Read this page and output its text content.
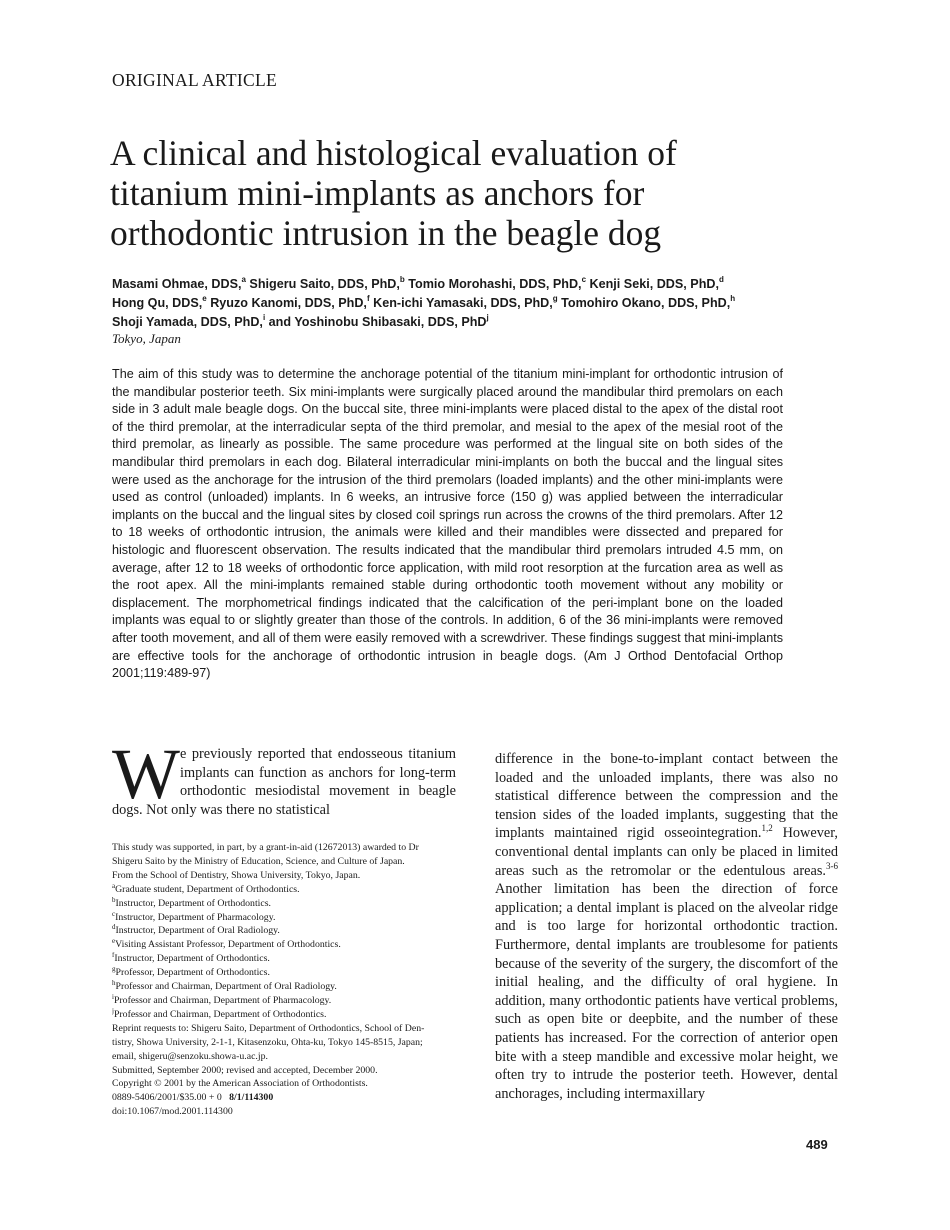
ORIGINAL ARTICLE
A clinical and histological evaluation of
titanium mini-implants as anchors for
orthodontic intrusion in the beagle dog
Masami Ohmae, DDS,$^a$ Shigeru Saito, DDS, PhD,$^b$ Tomio Morohashi, DDS, PhD,$^c$ Kenji Seki, DDS, PhD,$^d$
Hong Qu, DDS,$^e$ Ryuzo Kanomi, DDS, PhD,$^f$ Ken-ichi Yamasaki, DDS, PhD,$^g$ Tomohiro Okano, DDS, PhD,$^h$
Shoji Yamada, DDS, PhD,$^i$ and Yoshinobu Shibasaki, DDS, PhD$^j$
Tokyo, Japan

The aim of this study was to determine the anchorage potential of the titanium mini-implant for orthodontic intrusion of the mandibular posterior teeth. Six mini-implants were surgically placed around the mandibular third premolars on each side in 3 adult male beagle dogs. On the buccal site, three mini-implants were placed distal to the apex of the distal root of the third premolar, at the interradicular septa of the third premolar, and mesial to the apex of the mesial root of the third premolar, as linearly as possible. The same procedure was performed at the lingual site on both sides of the mandibular third premolars in each dog. Bilateral interradicular mini-implants on both the buccal and the lingual sites were used as the anchorage for the intrusion of the third premolars (loaded implants) and the other mini-implants were used as control (unloaded) implants. In 6 weeks, an intrusive force (150 g) was applied between the interradicular implants on the buccal and the lingual sites by closed coil springs run across the crowns of the third premolars. After 12 to 18 weeks of orthodontic intrusion, the animals were killed and their mandibles were dissected and prepared for histologic and fluorescent observation. The results indicated that the mandibular third premolars intruded 4.5 mm, on average, after 12 to 18 weeks of orthodontic force application, with mild root resorption at the furcation area as well as the root apex. All the mini-implants remained stable during orthodontic tooth movement without any mobility or displacement. The morphometrical findings indicated that the calcification of the peri-implant bone on the loaded implants was equal to or slightly greater than those of the controls. In addition, 6 of the 36 mini-implants were removed after tooth movement, and all of them were easily removed with a screwdriver. These findings suggest that mini-implants are effective tools for the anchorage of orthodontic intrusion in beagle dogs. (Am J Orthod Dentofacial Orthop 2001;119:489-97)

W e previously reported that endosseous titanium implants can function as anchors for long-term orthodontic mesiodistal movement in beagle dogs. Not only was there no statistical

This study was supported, in part, by a grant-in-aid (12672013) awarded to Dr
Shigeru Saito by the Ministry of Education, Science, and Culture of Japan.
From the School of Dentistry, Showa University, Tokyo, Japan.
$^a$Graduate student, Department of Orthodontics.
$^b$Instructor, Department of Orthodontics.
$^c$Instructor, Department of Pharmacology.
$^d$Instructor, Department of Oral Radiology.
$^e$Visiting Assistant Professor, Department of Orthodontics.
$^f$Instructor, Department of Orthodontics.
$^g$Professor, Department of Orthodontics.
$^h$Professor and Chairman, Department of Oral Radiology.
$^i$Professor and Chairman, Department of Pharmacology.
$^j$Professor and Chairman, Department of Orthodontics.
Reprint requests to: Shigeru Saito, Department of Orthodontics, School of Den-
tistry, Showa University, 2-1-1, Kitasenzoku, Ohta-ku, Tokyo 145-8515, Japan;
email, shigeru@senzoku.showa-u.ac.jp.
Submitted, September 2000; revised and accepted, December 2000.
Copyright © 2001 by the American Association of Orthodontists.
0889-5406/2001/$35.00 + 0 8/1/114300
doi:10.1067/mod.2001.114300

difference in the bone-to-implant contact between the loaded and the unloaded implants, there was also no statistical difference between the compression and the tension sides of the loaded implants, suggesting that the implants maintained rigid osseointegration.$^{1,2}$ However, conventional dental implants can only be placed in limited areas such as the retromolar or the edentulous areas.$^{3-6}$ Another limitation has been the direction of force application; a dental implant is placed on the alveolar ridge and is too large for horizontal orthodontic traction. Furthermore, dental implants are troublesome for patients because of the severity of the surgery, the discomfort of the initial healing, and the difficulty of oral hygiene. In addition, many orthodontic patients have vertical problems, such as open bite or deepbite, and the number of these patients has increased. For the correction of anterior open bite with a steep mandible and excessive molar height, we often try to intrude the posterior teeth. However, dental anchorages, including intermaxillary

489
